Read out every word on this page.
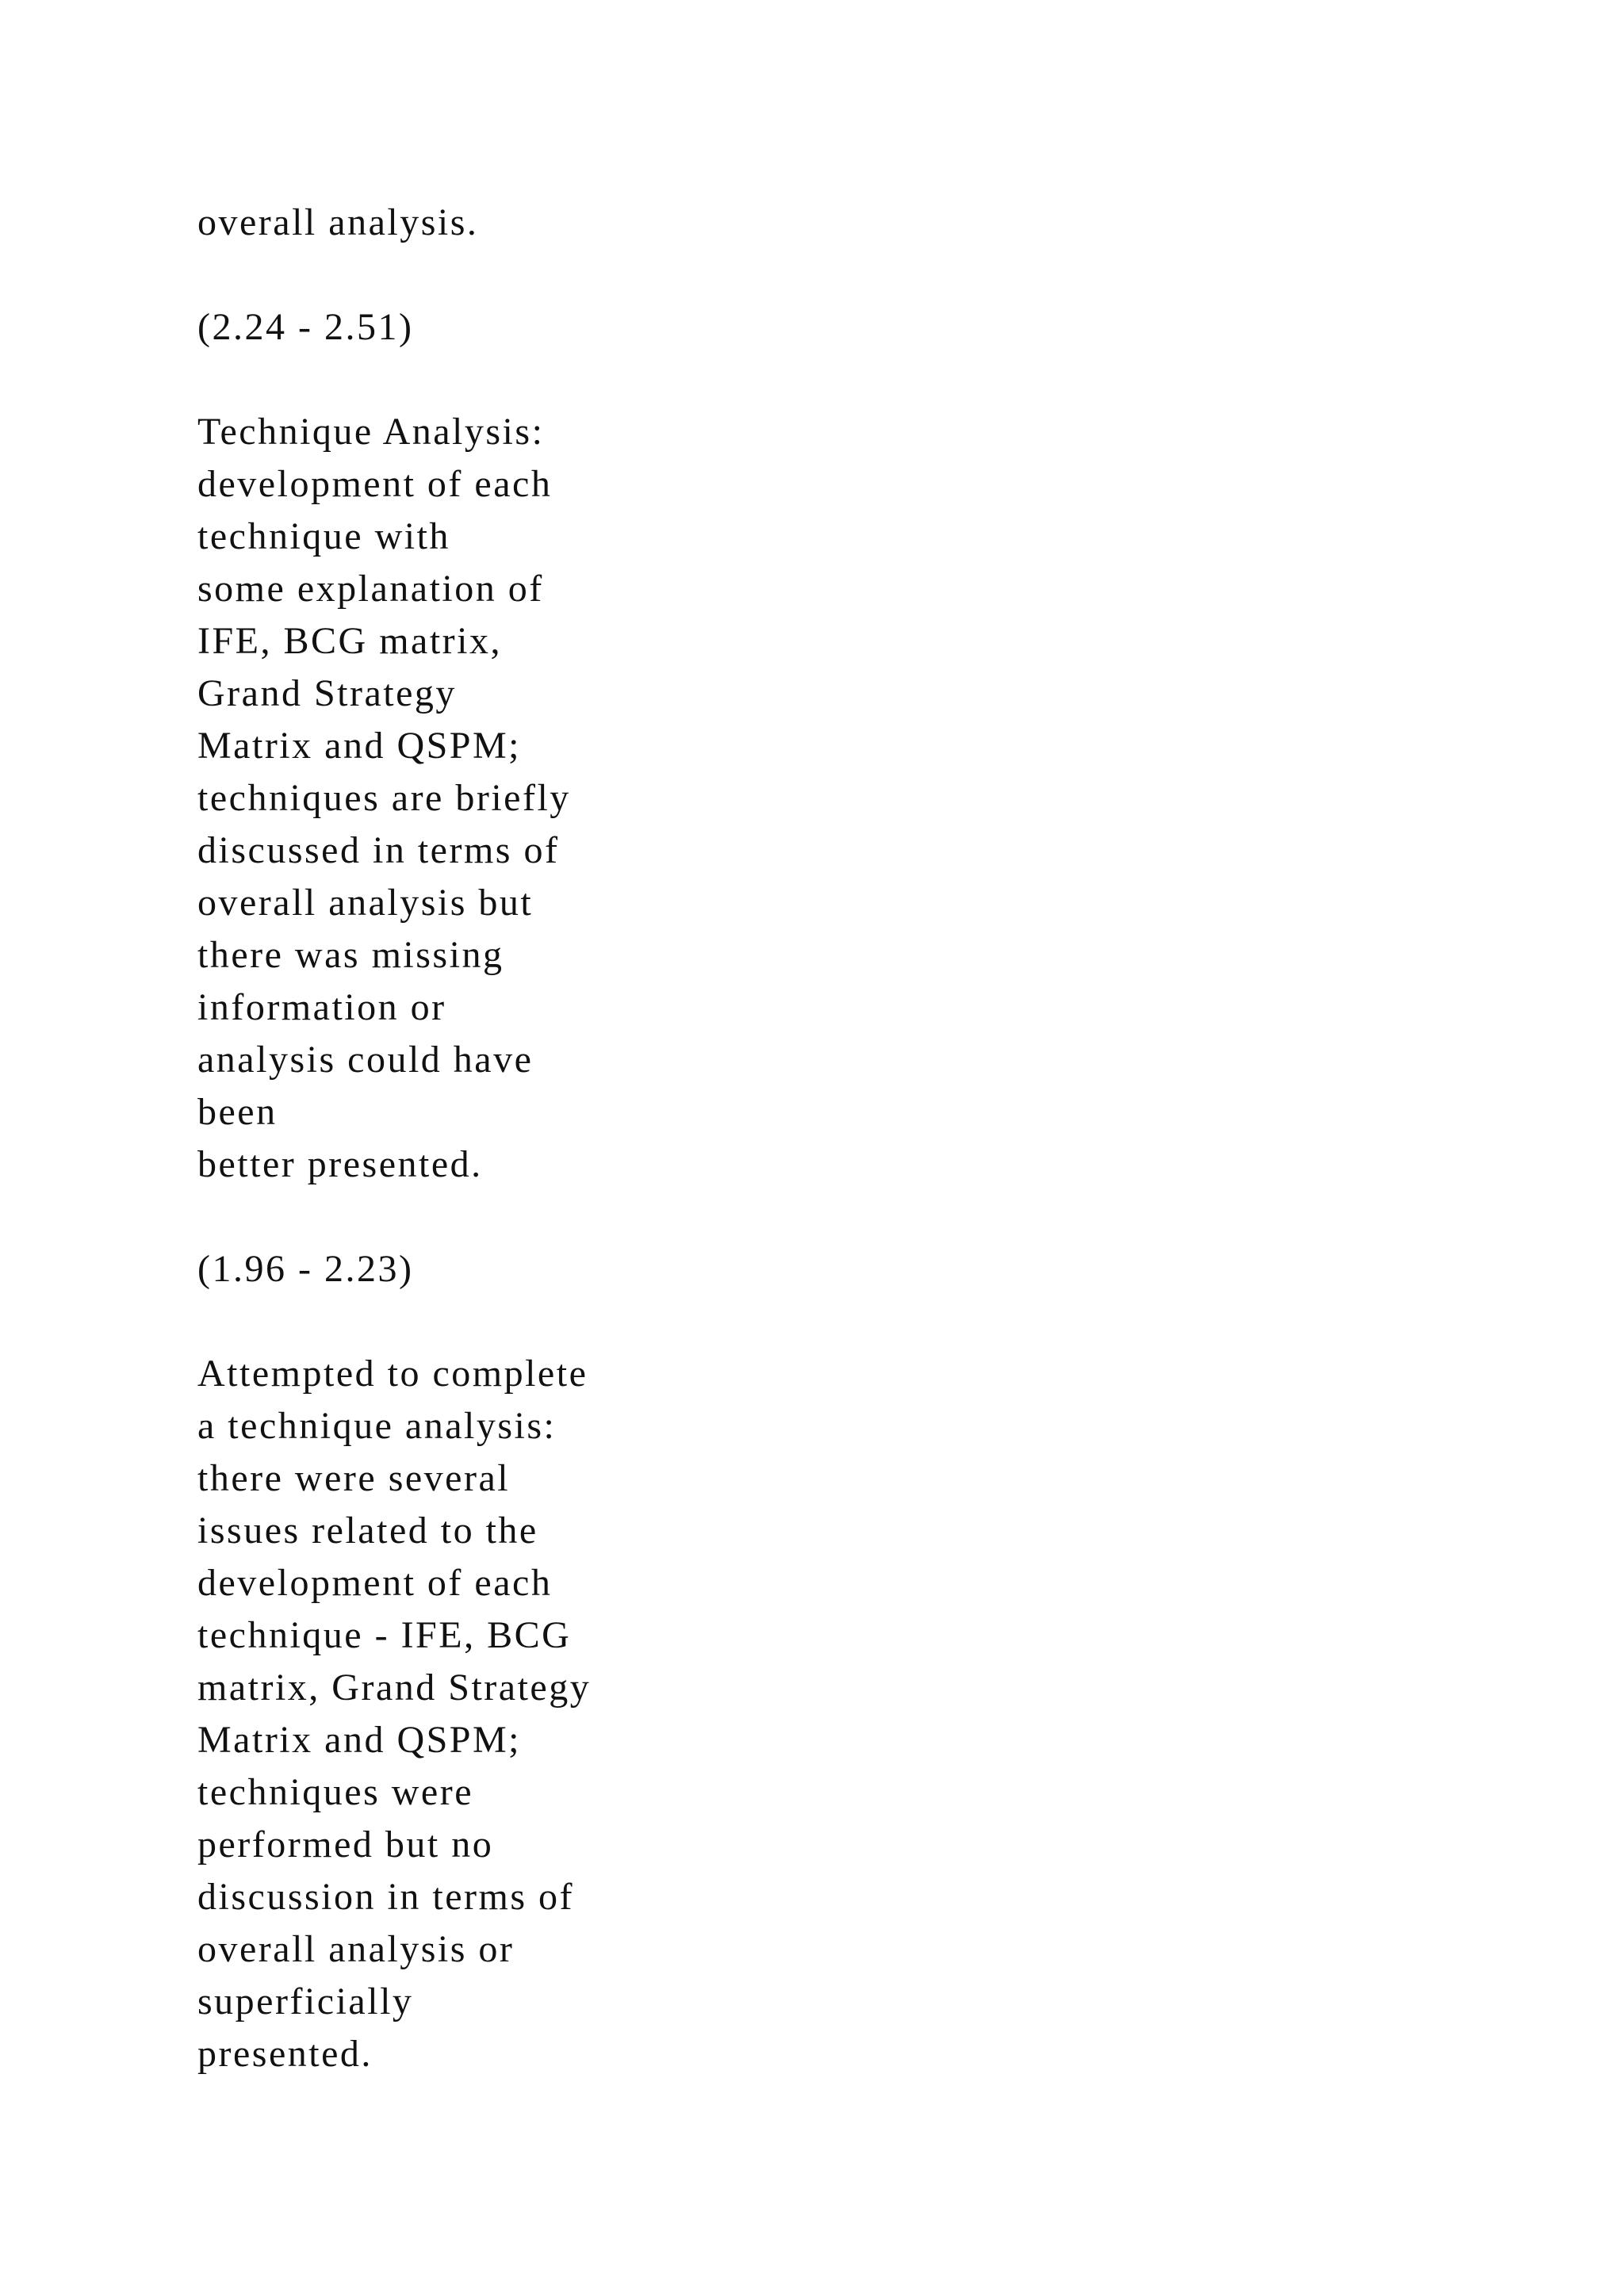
overall analysis.
(2.24 - 2.51)
Technique Analysis:
development of each
technique with
some explanation of
IFE, BCG matrix,
Grand Strategy
Matrix and QSPM;
techniques are briefly
discussed in terms of
overall analysis but
there was missing
information or
analysis could have
been
better presented.
(1.96 - 2.23)
Attempted to complete
a technique analysis:
there were several
issues related to the
development of each
technique - IFE, BCG
matrix, Grand Strategy
Matrix and QSPM;
techniques were
performed but no
discussion in terms of
overall analysis or
superficially
presented.
